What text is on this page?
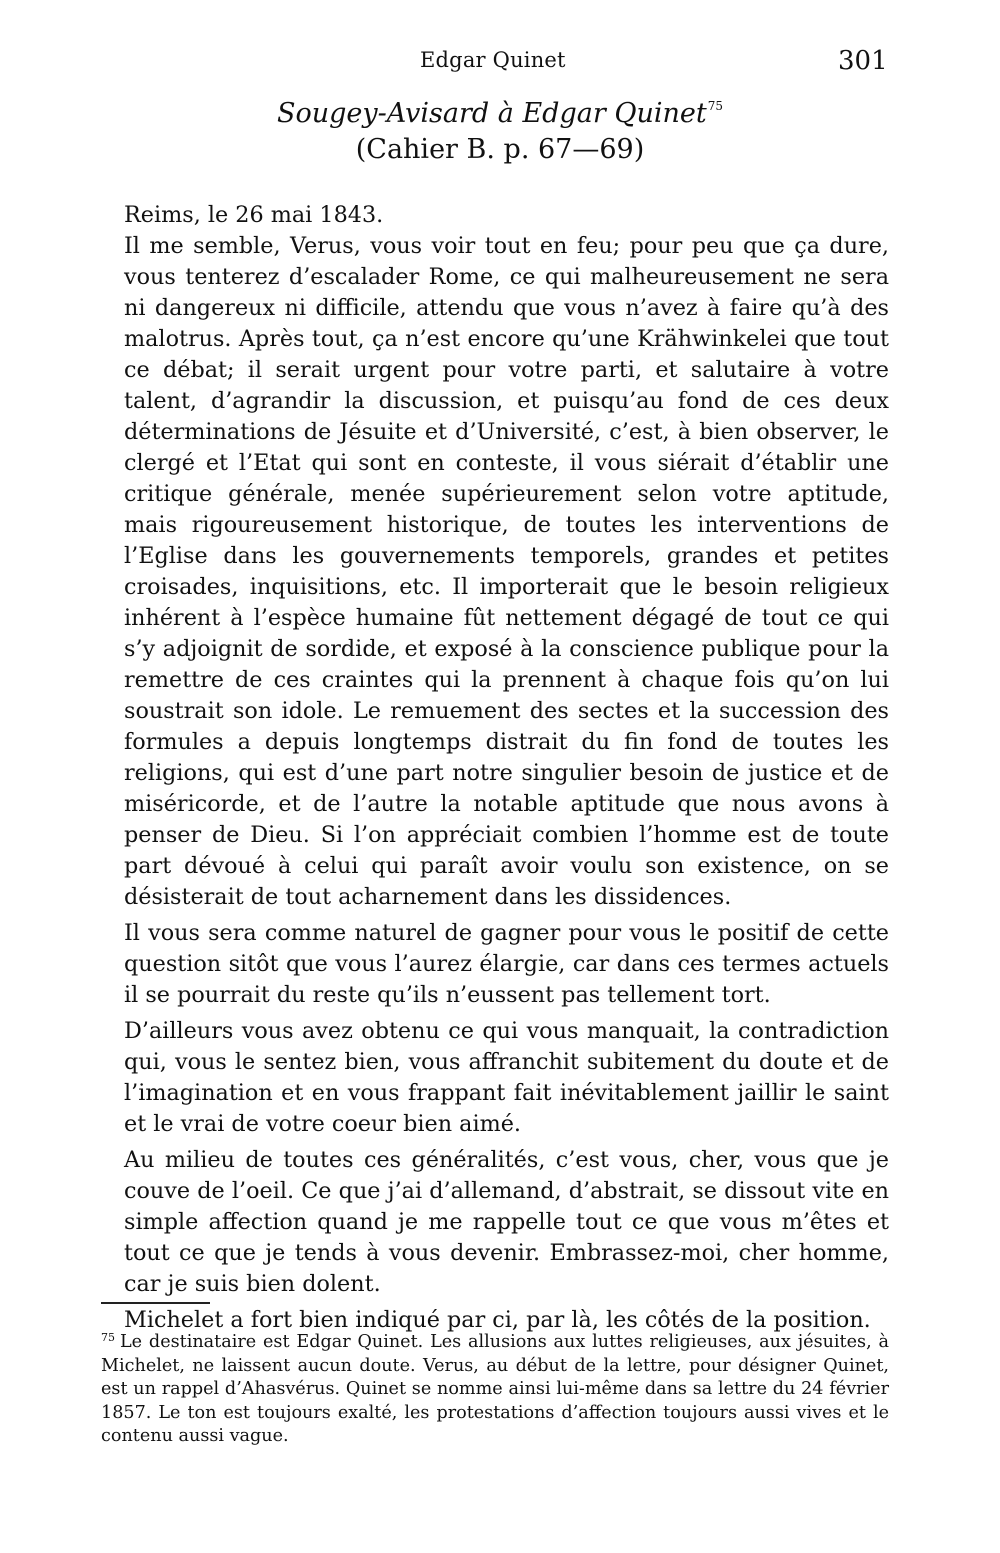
Edgar Quinet	301
Sougey-Avisard à Edgar Quinet$^{75}$
(Cahier B. p. 67—69)

Reims, le 26 mai 1843.

Il me semble, Verus, vous voir tout en feu; pour peu que ça dure, vous tenterez d’escalader Rome, ce qui malheureusement ne sera ni dangereux ni difficile, attendu que vous n’avez à faire qu’à des malotrus. Après tout, ça n’est encore qu’une Krähwinkelei que tout ce débat; il serait urgent pour votre parti, et salutaire à votre talent, d’agrandir la discussion, et puisqu’au fond de ces deux déterminations de Jésuite et d’Université, c’est, à bien observer, le clergé et l’Etat qui sont en conteste, il vous siérait d’établir une critique générale, menée supérieurement selon votre aptitude, mais rigoureusement historique, de toutes les interventions de l’Eglise dans les gouvernements temporels, grandes et petites croisades, inquisitions, etc. Il importerait que le besoin religieux inhérent à l’espèce humaine fût nettement dégagé de tout ce qui s’y adjoignit de sordide, et exposé à la conscience publique pour la remettre de ces craintes qui la prennent à chaque fois qu’on lui soustrait son idole. Le remuement des sectes et la succession des formules a depuis longtemps distrait du fin fond de toutes les religions, qui est d’une part notre singulier besoin de justice et de miséricorde, et de l’autre la notable aptitude que nous avons à penser de Dieu. Si l’on appréciait combien l’homme est de toute part dévoué à celui qui paraît avoir voulu son existence, on se désisterait de tout acharnement dans les dissidences.

Il vous sera comme naturel de gagner pour vous le positif de cette question sitôt que vous l’aurez élargie, car dans ces termes actuels il se pourrait du reste qu’ils n’eussent pas tellement tort.

D’ailleurs vous avez obtenu ce qui vous manquait, la contradiction qui, vous le sentez bien, vous affranchit subitement du doute et de l’imagination et en vous frappant fait inévitablement jaillir le saint et le vrai de votre coeur bien aimé.

Au milieu de toutes ces généralités, c’est vous, cher, vous que je couve de l’oeil. Ce que j’ai d’allemand, d’abstrait, se dissout vite en simple affection quand je me rappelle tout ce que vous m’êtes et tout ce que je tends à vous devenir. Embrassez-moi, cher homme, car je suis bien dolent.

Michelet a fort bien indiqué par ci, par là, les côtés de la position.

$^{75}$ Le destinataire est Edgar Quinet. Les allusions aux luttes religieuses, aux jésuites, à Michelet, ne laissent aucun doute. Verus, au début de la lettre, pour désigner Quinet, est un rappel d’Ahasvérus. Quinet se nomme ainsi lui-même dans sa lettre du 24 février 1857. Le ton est toujours exalté, les protestations d’affection toujours aussi vives et le contenu aussi vague.
